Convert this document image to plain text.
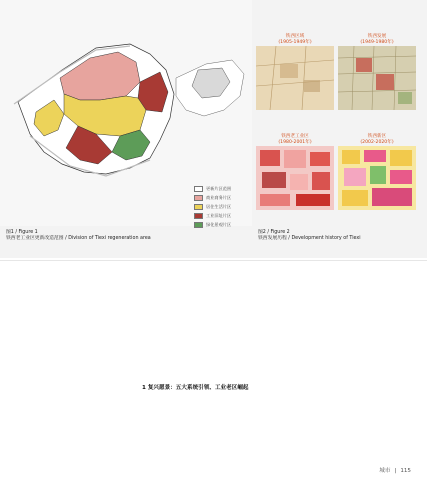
更新片区范围
商业商务片区
居住生活片区
工业旧址片区
绿化景观片区
图1 / Figure 1
铁西老工业区更新改造范围 / Division of Tiexi regeneration area
铁西区域
(1905-1949年)
铁西发展
(1949-1980年)
铁西老工业区
(1980-2001年)
铁西新区
(2002-2020年)
图2 / Figure 2
铁西发展历程 / Development history of Tiexi
1 复兴愿景：五大系统引领、工业老区崛起
城市 | 115
